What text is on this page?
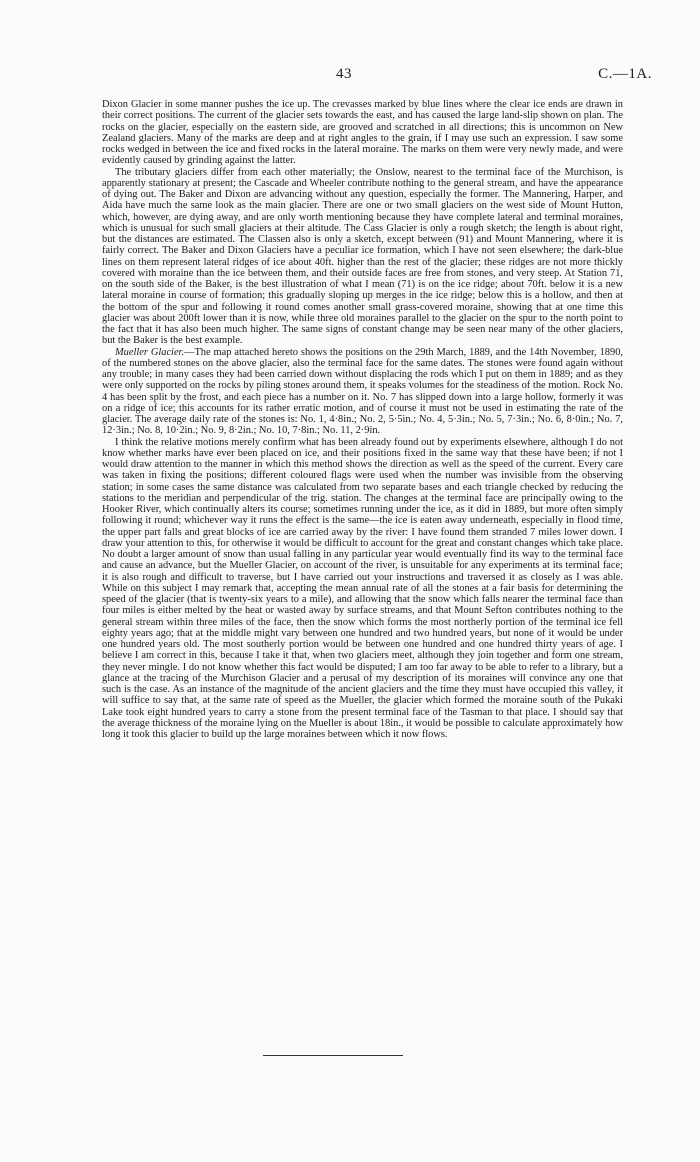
43	C.—1A.

Dixon Glacier in some manner pushes the ice up. The crevasses marked by blue lines where the clear ice ends are drawn in their correct positions. The current of the glacier sets towards the east, and has caused the large land-slip shown on plan. The rocks on the glacier, especially on the eastern side, are grooved and scratched in all directions; this is uncommon on New Zealand glaciers. Many of the marks are deep and at right angles to the grain, if I may use such an expression. I saw some rocks wedged in between the ice and fixed rocks in the lateral moraine. The marks on them were very newly made, and were evidently caused by grinding against the latter.

The tributary glaciers differ from each other materially; the Onslow, nearest to the terminal face of the Murchison, is apparently stationary at present; the Cascade and Wheeler contribute nothing to the general stream, and have the appearance of dying out. The Baker and Dixon are advancing without any question, especially the former. The Mannering, Harper, and Aida have much the same look as the main glacier. There are one or two small glaciers on the west side of Mount Hutton, which, however, are dying away, and are only worth mentioning because they have complete lateral and terminal moraines, which is unusual for such small glaciers at their altitude. The Cass Glacier is only a rough sketch; the length is about right, but the distances are estimated. The Classen also is only a sketch, except between (91) and Mount Mannering, where it is fairly correct. The Baker and Dixon Glaciers have a peculiar ice formation, which I have not seen elsewhere; the dark-blue lines on them represent lateral ridges of ice about 40ft. higher than the rest of the glacier; these ridges are not more thickly covered with moraine than the ice between them, and their outside faces are free from stones, and very steep. At Station 71, on the south side of the Baker, is the best illustration of what I mean (71) is on the ice ridge; about 70ft. below it is a new lateral moraine in course of formation; this gradually sloping up merges in the ice ridge; below this is a hollow, and then at the bottom of the spur and following it round comes another small grass-covered moraine, showing that at one time this glacier was about 200ft lower than it is now, while three old moraines parallel to the glacier on the spur to the north point to the fact that it has also been much higher. The same signs of constant change may be seen near many of the other glaciers, but the Baker is the best example.

Mueller Glacier.—The map attached hereto shows the positions on the 29th March, 1889, and the 14th November, 1890, of the numbered stones on the above glacier, also the terminal face for the same dates. The stones were found again without any trouble; in many cases they had been carried down without displacing the rods which I put on them in 1889; and as they were only supported on the rocks by piling stones around them, it speaks volumes for the steadiness of the motion. Rock No. 4 has been split by the frost, and each piece has a number on it. No. 7 has slipped down into a large hollow, formerly it was on a ridge of ice; this accounts for its rather erratic motion, and of course it must not be used in estimating the rate of the glacier. The average daily rate of the stones is: No. 1, 4·8in.; No. 2, 5·5in.; No. 4, 5·3in.; No. 5, 7·3in.; No. 6, 8·0in.; No. 7, 12·3in.; No. 8, 10·2in.; No. 9, 8·2in.; No. 10, 7·8in.; No. 11, 2·9in.

I think the relative motions merely confirm what has been already found out by experiments elsewhere, although I do not know whether marks have ever been placed on ice, and their positions fixed in the same way that these have been; if not I would draw attention to the manner in which this method shows the direction as well as the speed of the current. Every care was taken in fixing the positions; different coloured flags were used when the number was invisible from the observing station; in some cases the same distance was calculated from two separate bases and each triangle checked by reducing the stations to the meridian and perpendicular of the trig. station. The changes at the terminal face are principally owing to the Hooker River, which continually alters its course; sometimes running under the ice, as it did in 1889, but more often simply following it round; whichever way it runs the effect is the same—the ice is eaten away underneath, especially in flood time, the upper part falls and great blocks of ice are carried away by the river: I have found them stranded 7 miles lower down. I draw your attention to this, for otherwise it would be difficult to account for the great and constant changes which take place. No doubt a larger amount of snow than usual falling in any particular year would eventually find its way to the terminal face and cause an advance, but the Mueller Glacier, on account of the river, is unsuitable for any experiments at its terminal face; it is also rough and difficult to traverse, but I have carried out your instructions and traversed it as closely as I was able. While on this subject I may remark that, accepting the mean annual rate of all the stones at a fair basis for determining the speed of the glacier (that is twenty-six years to a mile), and allowing that the snow which falls nearer the terminal face than four miles is either melted by the heat or wasted away by surface streams, and that Mount Sefton contributes nothing to the general stream within three miles of the face, then the snow which forms the most northerly portion of the terminal ice fell eighty years ago; that at the middle might vary between one hundred and two hundred years, but none of it would be under one hundred years old. The most southerly portion would be between one hundred and one hundred thirty years of age. I believe I am correct in this, because I take it that, when two glaciers meet, although they join together and form one stream, they never mingle. I do not know whether this fact would be disputed; I am too far away to be able to refer to a library, but a glance at the tracing of the Murchison Glacier and a perusal of my description of its moraines will convince any one that such is the case. As an instance of the magnitude of the ancient glaciers and the time they must have occupied this valley, it will suffice to say that, at the same rate of speed as the Mueller, the glacier which formed the moraine south of the Pukaki Lake took eight hundred years to carry a stone from the present terminal face of the Tasman to that place. I should say that the average thickness of the moraine lying on the Mueller is about 18in., it would be possible to calculate approximately how long it took this glacier to build up the large moraines between which it now flows.
